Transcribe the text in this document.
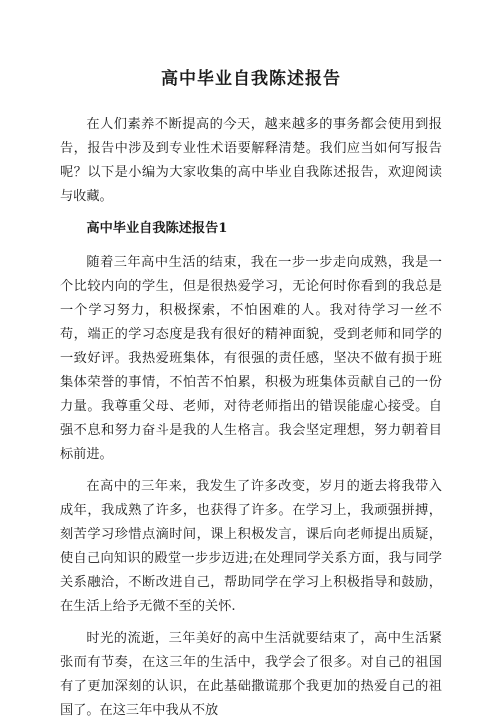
高中毕业自我陈述报告

在人们素养不断提高的今天，越来越多的事务都会使用到报告，报告中涉及到专业性术语要解释清楚。我们应当如何写报告呢？以下是小编为大家收集的高中毕业自我陈述报告，欢迎阅读与收藏。

高中毕业自我陈述报告1

随着三年高中生活的结束，我在一步一步走向成熟，我是一个比较内向的学生，但是很热爱学习，无论何时你看到的我总是一个学习努力，积极探索，不怕困难的人。我对待学习一丝不苟，端正的学习态度是我有很好的精神面貌，受到老师和同学的一致好评。我热爱班集体，有很强的责任感，坚决不做有损于班集体荣誉的事情，不怕苦不怕累，积极为班集体贡献自己的一份力量。我尊重父母、老师，对待老师指出的错误能虚心接受。自强不息和努力奋斗是我的人生格言。我会坚定理想，努力朝着目标前进。

在高中的三年来，我发生了许多改变，岁月的逝去将我带入成年，我成熟了许多，也获得了许多。在学习上，我顽强拼搏，刻苦学习珍惜点滴时间，课上积极发言，课后向老师提出质疑，使自己向知识的殿堂一步步迈进;在处理同学关系方面，我与同学关系融洽，不断改进自己，帮助同学在学习上积极指导和鼓励，在生活上给予无微不至的关怀.

时光的流逝，三年美好的高中生活就要结束了，高中生活紧张而有节奏，在这三年的生活中，我学会了很多。对自己的祖国有了更加深刻的认识，在此基础撒谎那个我更加的热爱自己的祖国了。在这三年中我从不放
